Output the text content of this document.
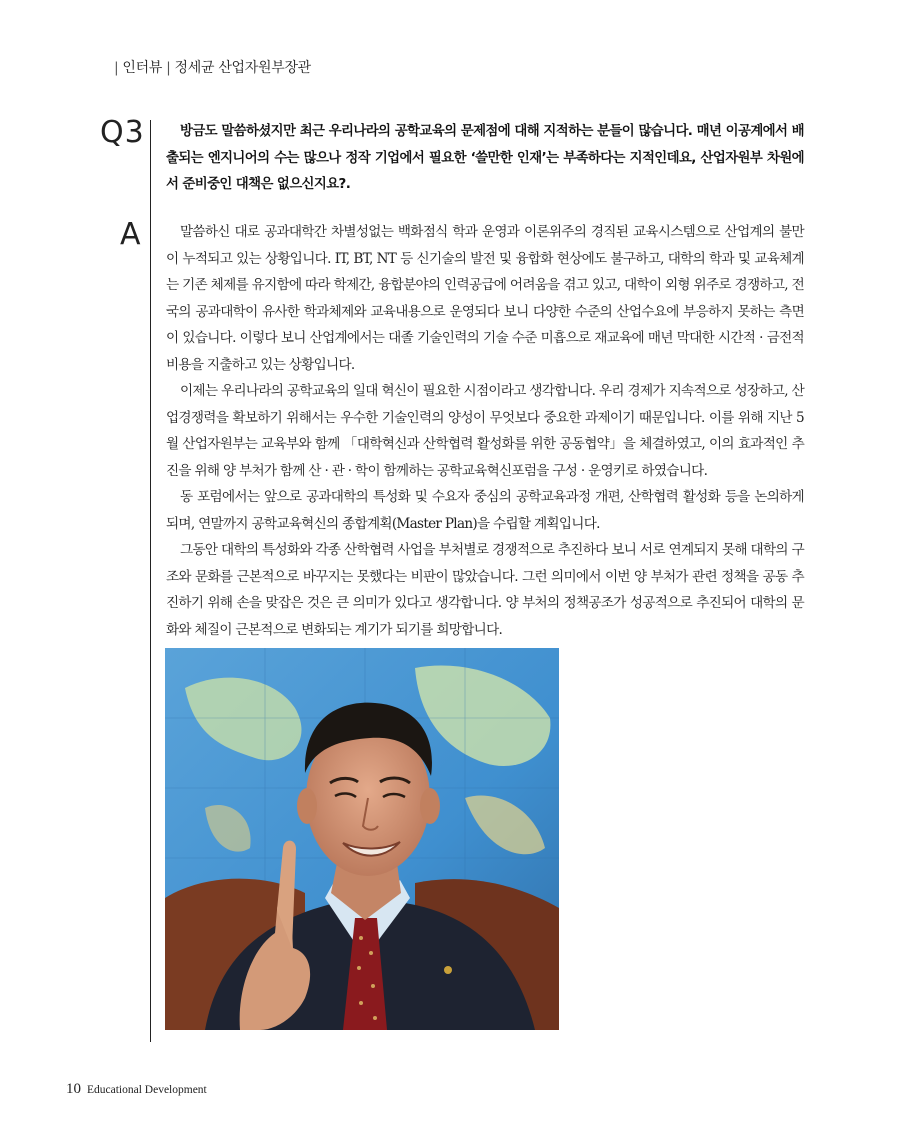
| 인터뷰 | 정세균 산업자원부장관
Q3	방금도 말씀하셨지만 최근 우리나라의 공학교육의 문제점에 대해 지적하는 분들이 많습니다. 매년 이공계에서 배출되는 엔지니어의 수는 많으나 정작 기업에서 필요한 ‘쓸만한 인재’는 부족하다는 지적인데요, 산업자원부 차원에서 준비중인 대책은 없으신지요?.

A	말씀하신 대로 공과대학간 차별성없는 백화점식 학과 운영과 이론위주의 경직된 교육시스템으로 산업계의 불만이 누적되고 있는 상황입니다. IT, BT, NT 등 신기술의 발전 및 융합화 현상에도 불구하고, 대학의 학과 및 교육체계는 기존 체제를 유지함에 따라 학제간, 융합분야의 인력공급에 어려움을 겪고 있고, 대학이 외형 위주로 경쟁하고, 전국의 공과대학이 유사한 학과체제와 교육내용으로 운영되다 보니 다양한 수준의 산업수요에 부응하지 못하는 측면이 있습니다. 이렇다 보니 산업계에서는 대졸 기술인력의 기술 수준 미흡으로 재교육에 매년 막대한 시간적 · 금전적 비용을 지출하고 있는 상황입니다.

이제는 우리나라의 공학교육의 일대 혁신이 필요한 시점이라고 생각합니다. 우리 경제가 지속적으로 성장하고, 산업경쟁력을 확보하기 위해서는 우수한 기술인력의 양성이 무엇보다 중요한 과제이기 때문입니다. 이를 위해 지난 5월 산업자원부는 교육부와 함께 「대학혁신과 산학협력 활성화를 위한 공동협약」을 체결하였고, 이의 효과적인 추진을 위해 양 부처가 함께 산 · 관 · 학이 함께하는 공학교육혁신포럼을 구성 · 운영키로 하였습니다.

동 포럼에서는 앞으로 공과대학의 특성화 및 수요자 중심의 공학교육과정 개편, 산학협력 활성화 등을 논의하게 되며, 연말까지 공학교육혁신의 종합계획(Master Plan)을 수립할 계획입니다.

그동안 대학의 특성화와 각종 산학협력 사업을 부처별로 경쟁적으로 추진하다 보니 서로 연계되지 못해 대학의 구조와 문화를 근본적으로 바꾸지는 못했다는 비판이 많았습니다. 그런 의미에서 이번 양 부처가 관련 정책을 공동 추진하기 위해 손을 맞잡은 것은 큰 의미가 있다고 생각합니다. 양 부처의 정책공조가 성공적으로 추진되어 대학의 문화와 체질이 근본적으로 변화되는 계기가 되기를 희망합니다.

10 Educational Development
